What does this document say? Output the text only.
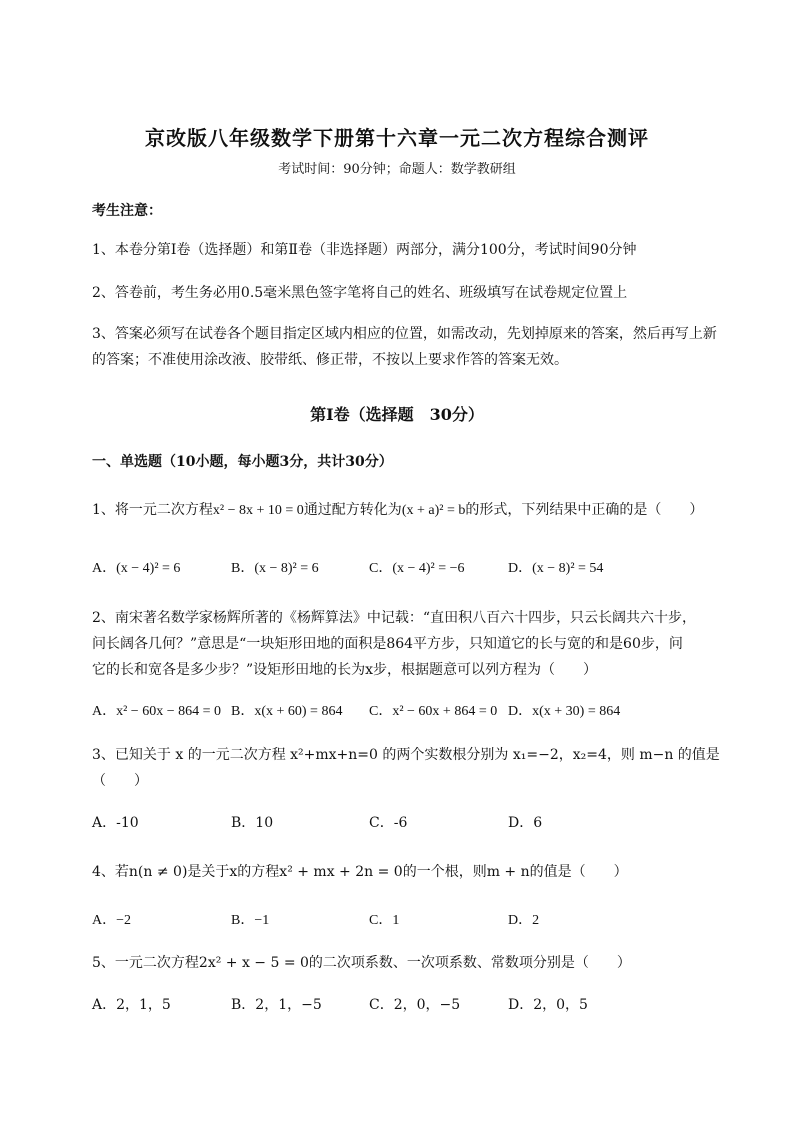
京改版八年级数学下册第十六章一元二次方程综合测评
考试时间：90分钟；命题人：数学教研组
考生注意：
1、本卷分第I卷（选择题）和第Ⅱ卷（非选择题）两部分，满分100分，考试时间90分钟
2、答卷前，考生务必用0.5毫米黑色签字笔将自己的姓名、班级填写在试卷规定位置上
3、答案必须写在试卷各个题目指定区域内相应的位置，如需改动，先划掉原来的答案，然后再写上新
的答案；不准使用涂改液、胶带纸、修正带，不按以上要求作答的答案无效。
第I卷（选择题　30分）
一、单选题（10小题，每小题3分，共计30分）
1、将一元二次方程x² − 8x + 10 = 0通过配方转化为(x + a)² = b的形式，下列结果中正确的是（　　）
A．(x − 4)² = 6	B．(x − 8)² = 6	C．(x − 4)² = −6	D．(x − 8)² = 54
2、南宋著名数学家杨辉所著的《杨辉算法》中记载：“直田积八百六十四步，只云长阔共六十步，
问长阔各几何？”意思是“一块矩形田地的面积是864平方步，只知道它的长与宽的和是60步，问
它的长和宽各是多少步？”设矩形田地的长为x步，根据题意可以列方程为（　　）
A．x² − 60x − 864 = 0 B．x(x + 60) = 864 C．x² − 60x + 864 = 0 D．x(x + 30) = 864
3、已知关于 x 的一元二次方程 x²+mx+n=0 的两个实数根分别为 x₁=−2，x₂=4，则 m−n 的值是
（　　）
A．-10	B．10	C．-6	D．6
4、若n(n ≠ 0)是关于x的方程x² + mx + 2n = 0的一个根，则m + n的值是（　　）
A．−2	B．−1	C．1	D．2
5、一元二次方程2x² + x − 5 = 0的二次项系数、一次项系数、常数项分别是（　　）
A．2，1，5	B．2，1，−5	C．2，0，−5	D．2，0，5
